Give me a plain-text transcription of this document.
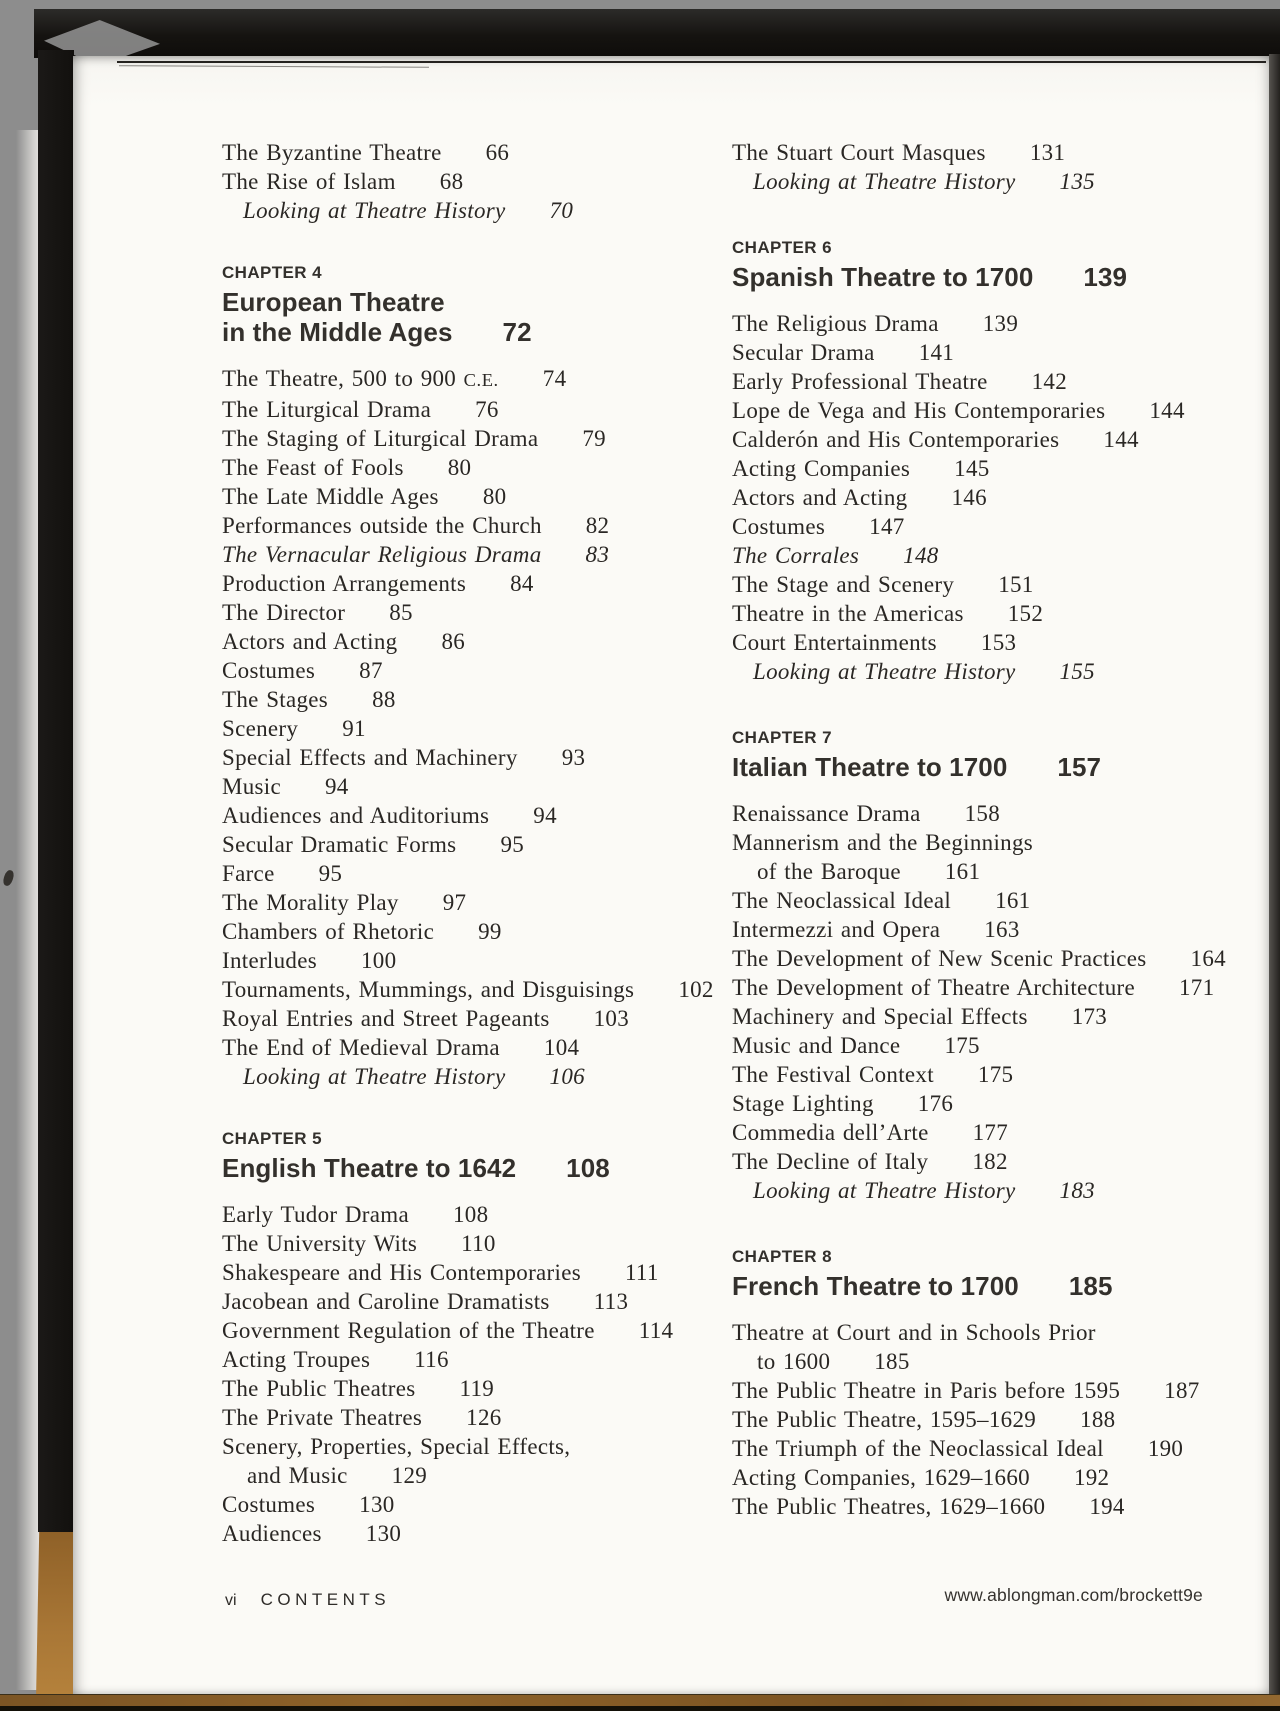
The Byzantine Theatre 66
The Rise of Islam 68
Looking at Theatre History 70
CHAPTER 4
European Theatre
in the Middle Ages 72
The Theatre, 500 to 900 C.E. 74
The Liturgical Drama 76
The Staging of Liturgical Drama 79
The Feast of Fools 80
The Late Middle Ages 80
Performances outside the Church 82
The Vernacular Religious Drama 83
Production Arrangements 84
The Director 85
Actors and Acting 86
Costumes 87
The Stages 88
Scenery 91
Special Effects and Machinery 93
Music 94
Audiences and Auditoriums 94
Secular Dramatic Forms 95
Farce 95
The Morality Play 97
Chambers of Rhetoric 99
Interludes 100
Tournaments, Mummings, and Disguisings 102
Royal Entries and Street Pageants 103
The End of Medieval Drama 104
Looking at Theatre History 106
CHAPTER 5
English Theatre to 1642 108
Early Tudor Drama 108
The University Wits 110
Shakespeare and His Contemporaries 111
Jacobean and Caroline Dramatists 113
Government Regulation of the Theatre 114
Acting Troupes 116
The Public Theatres 119
The Private Theatres 126
Scenery, Properties, Special Effects,
and Music 129
Costumes 130
Audiences 130
The Stuart Court Masques 131
Looking at Theatre History 135
CHAPTER 6
Spanish Theatre to 1700 139
The Religious Drama 139
Secular Drama 141
Early Professional Theatre 142
Lope de Vega and His Contemporaries 144
Calderón and His Contemporaries 144
Acting Companies 145
Actors and Acting 146
Costumes 147
The Corrales 148
The Stage and Scenery 151
Theatre in the Americas 152
Court Entertainments 153
Looking at Theatre History 155
CHAPTER 7
Italian Theatre to 1700 157
Renaissance Drama 158
Mannerism and the Beginnings
of the Baroque 161
The Neoclassical Ideal 161
Intermezzi and Opera 163
The Development of New Scenic Practices 164
The Development of Theatre Architecture 171
Machinery and Special Effects 173
Music and Dance 175
The Festival Context 175
Stage Lighting 176
Commedia dell’Arte 177
The Decline of Italy 182
Looking at Theatre History 183
CHAPTER 8
French Theatre to 1700 185
Theatre at Court and in Schools Prior
to 1600 185
The Public Theatre in Paris before 1595 187
The Public Theatre, 1595–1629 188
The Triumph of the Neoclassical Ideal 190
Acting Companies, 1629–1660 192
The Public Theatres, 1629–1660 194
vi CONTENTS	www.ablongman.com/brockett9e
